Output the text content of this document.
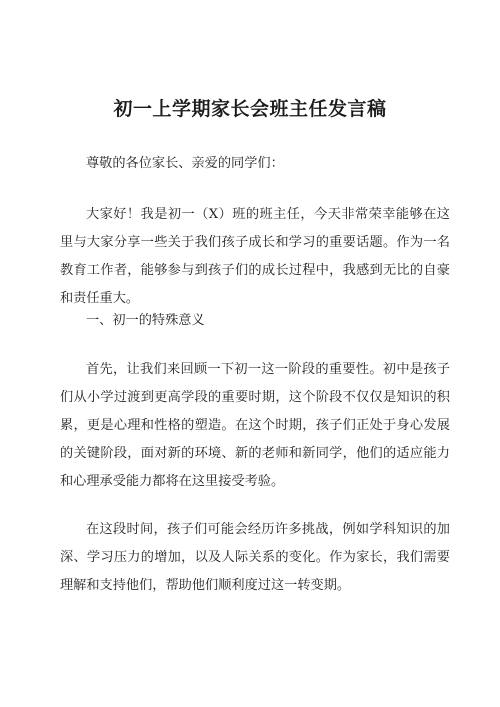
初一上学期家长会班主任发言稿
尊敬的各位家长、亲爱的同学们：
大家好！我是初一（X）班的班主任，今天非常荣幸能够在这里与大家分享一些关于我们孩子成长和学习的重要话题。作为一名教育工作者，能够参与到孩子们的成长过程中，我感到无比的自豪和责任重大。
一、初一的特殊意义
首先，让我们来回顾一下初一这一阶段的重要性。初中是孩子们从小学过渡到更高学段的重要时期，这个阶段不仅仅是知识的积累，更是心理和性格的塑造。在这个时期，孩子们正处于身心发展的关键阶段，面对新的环境、新的老师和新同学，他们的适应能力和心理承受能力都将在这里接受考验。
在这段时间，孩子们可能会经历许多挑战，例如学科知识的加深、学习压力的增加，以及人际关系的变化。作为家长，我们需要理解和支持他们，帮助他们顺利度过这一转变期。
